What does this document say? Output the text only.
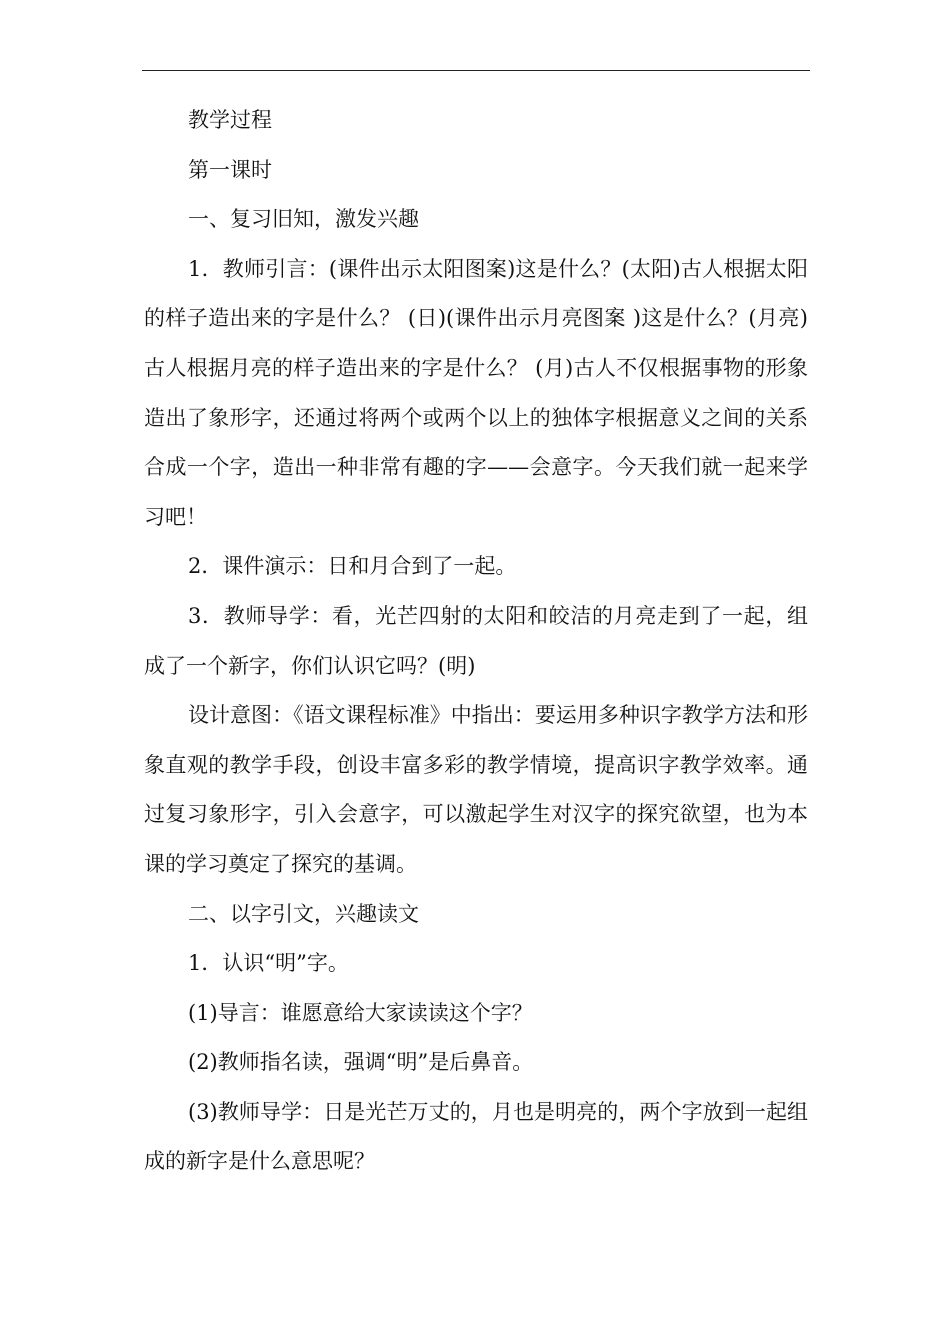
教学过程

第一课时

一、复习旧知，激发兴趣

1．教师引言：(课件出示太阳图案)这是什么？(太阳)古人根据太阳的样子造出来的字是什么？ (日)(课件出示月亮图案 )这是什么？(月亮)古人根据月亮的样子造出来的字是什么？ (月)古人不仅根据事物的形象造出了象形字，还通过将两个或两个以上的独体字根据意义之间的关系合成一个字，造出一种非常有趣的字——会意字。今天我们就一起来学习吧！

2．课件演示：日和月合到了一起。

3．教师导学：看，光芒四射的太阳和皎洁的月亮走到了一起，组成了一个新字，你们认识它吗？(明)

设计意图：《语文课程标准》中指出：要运用多种识字教学方法和形象直观的教学手段，创设丰富多彩的教学情境，提高识字教学效率。通过复习象形字，引入会意字，可以激起学生对汉字的探究欲望，也为本课的学习奠定了探究的基调。

二、以字引文，兴趣读文

1．认识“明”字。

(1)导言：谁愿意给大家读读这个字？

(2)教师指名读，强调“明”是后鼻音。

(3)教师导学：日是光芒万丈的，月也是明亮的，两个字放到一起组成的新字是什么意思呢？
